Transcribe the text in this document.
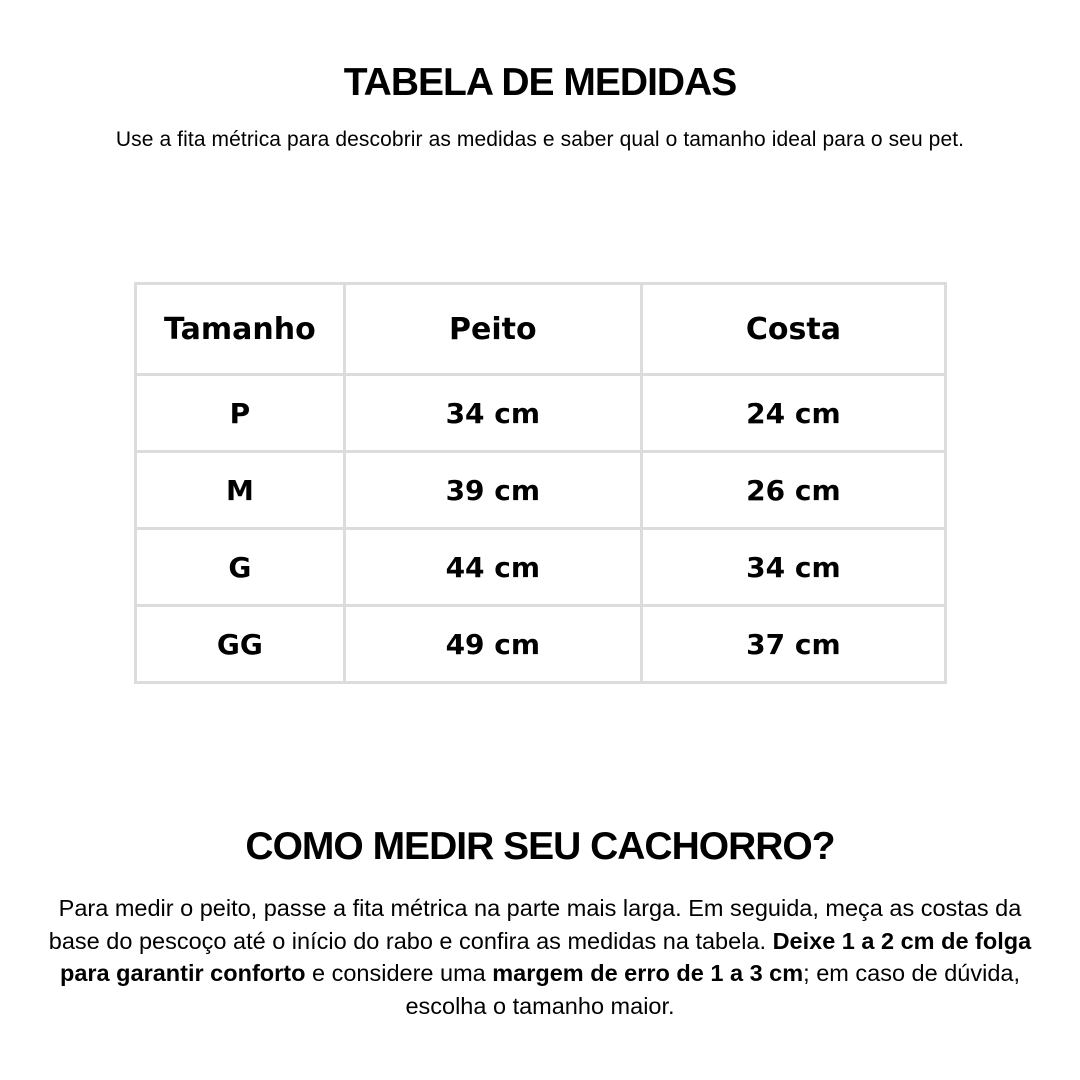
TABELA DE MEDIDAS
Use a fita métrica para descobrir as medidas e saber qual o tamanho ideal para o seu pet.
Tamanho	Peito	Costa
P	34 cm	24 cm
M	39 cm	26 cm
G	44 cm	34 cm
GG	49 cm	37 cm
COMO MEDIR SEU CACHORRO?
Para medir o peito, passe a fita métrica na parte mais larga. Em seguida, meça as costas da base do pescoço até o início do rabo e confira as medidas na tabela. Deixe 1 a 2 cm de folga para garantir conforto e considere uma margem de erro de 1 a 3 cm; em caso de dúvida, escolha o tamanho maior.
